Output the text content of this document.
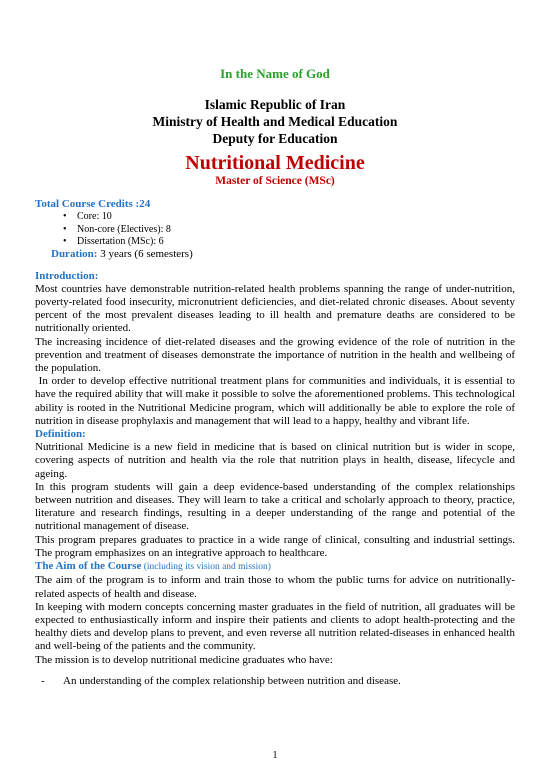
In the Name of God
Islamic Republic of Iran
Ministry of Health and Medical Education
Deputy for Education
Nutritional Medicine
Master of Science (MSc)
Total Course Credits :24
• Core: 10
• Non-core (Electives): 8
• Dissertation (MSc): 6
Duration: 3 years (6 semesters)
Introduction:

Most countries have demonstrable nutrition-related health problems spanning the range of under-nutrition, poverty-related food insecurity, micronutrient deficiencies, and diet-related chronic diseases. About seventy percent of the most prevalent diseases leading to ill health and premature deaths are considered to be nutritionally oriented.

The increasing incidence of diet-related diseases and the growing evidence of the role of nutrition in the prevention and treatment of diseases demonstrate the importance of nutrition in the health and wellbeing of the population.

In order to develop effective nutritional treatment plans for communities and individuals, it is essential to have the required ability that will make it possible to solve the aforementioned problems. This technological ability is rooted in the Nutritional Medicine program, which will additionally be able to explore the role of nutrition in disease prophylaxis and management that will lead to a happy, healthy and vibrant life.

Definition:

Nutritional Medicine is a new field in medicine that is based on clinical nutrition but is wider in scope, covering aspects of nutrition and health via the role that nutrition plays in health, disease, lifecycle and ageing.

In this program students will gain a deep evidence-based understanding of the complex relationships between nutrition and diseases. They will learn to take a critical and scholarly approach to theory, practice, literature and research findings, resulting in a deeper understanding of the range and potential of the nutritional management of disease.

This program prepares graduates to practice in a wide range of clinical, consulting and industrial settings. The program emphasizes on an integrative approach to healthcare.

The Aim of the Course (including its vision and mission)

The aim of the program is to inform and train those to whom the public turns for advice on nutritionally-related aspects of health and disease.

In keeping with modern concepts concerning master graduates in the field of nutrition, all graduates will be expected to enthusiastically inform and inspire their patients and clients to adopt health-protecting and the healthy diets and develop plans to prevent, and even reverse all nutrition related-diseases in enhanced health and well-being of the patients and the community.

The mission is to develop nutritional medicine graduates who have:

- An understanding of the complex relationship between nutrition and disease.
1
